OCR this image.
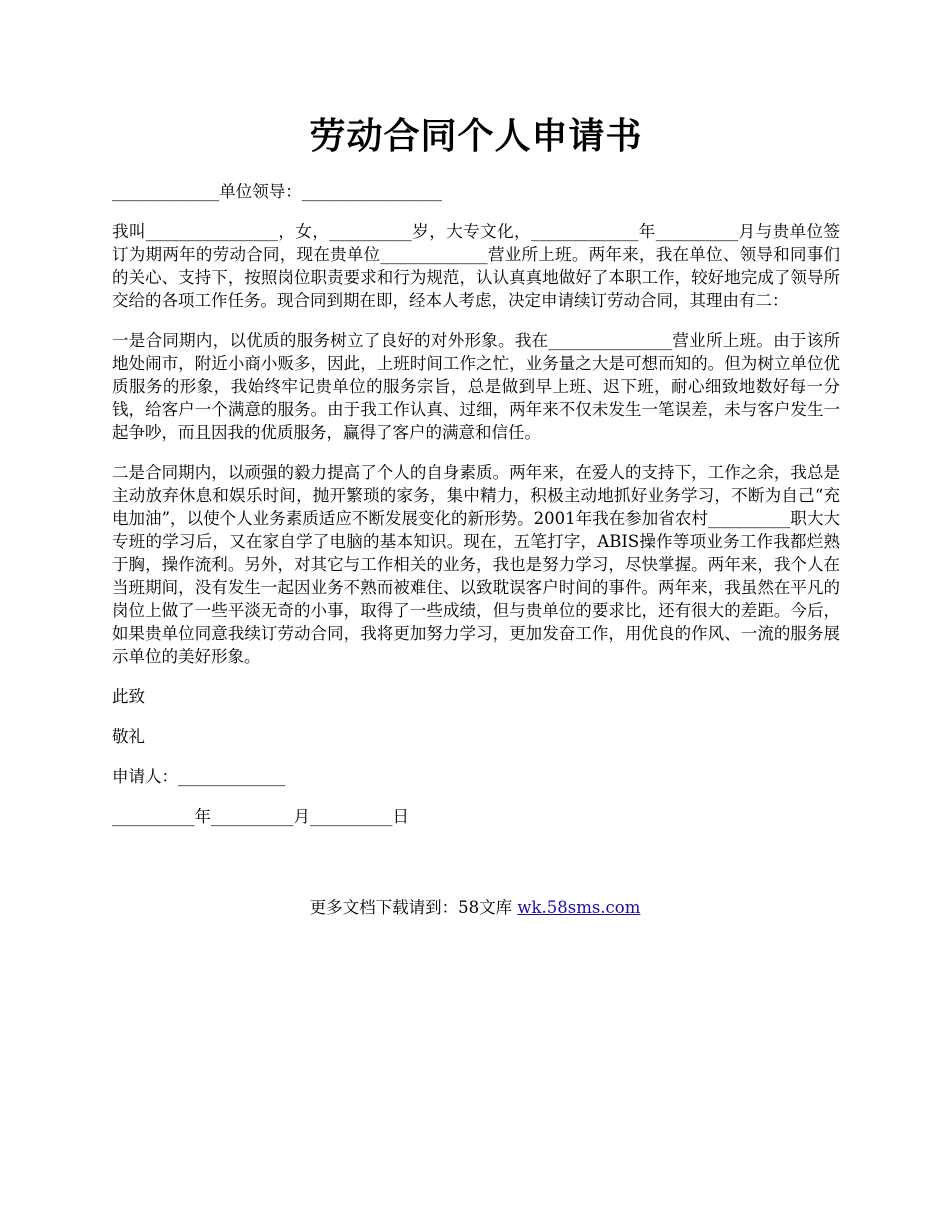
劳动合同个人申请书
_____________单位领导：_________________

我叫________________，女，__________岁，大专文化，_____________年__________月与贵单位签订为期两年的劳动合同，现在贵单位_____________营业所上班。两年来，我在单位、领导和同事们的关心、支持下，按照岗位职责要求和行为规范，认认真真地做好了本职工作，较好地完成了领导所交给的各项工作任务。现合同到期在即，经本人考虑，决定申请续订劳动合同，其理由有二：

一是合同期内，以优质的服务树立了良好的对外形象。我在_______________营业所上班。由于该所地处闹市，附近小商小贩多，因此，上班时间工作之忙，业务量之大是可想而知的。但为树立单位优质服务的形象，我始终牢记贵单位的服务宗旨，总是做到早上班、迟下班，耐心细致地数好每一分钱，给客户一个满意的服务。由于我工作认真、过细，两年来不仅未发生一笔误差，未与客户发生一起争吵，而且因我的优质服务，赢得了客户的满意和信任。

二是合同期内，以顽强的毅力提高了个人的自身素质。两年来，在爱人的支持下，工作之余，我总是主动放弃休息和娱乐时间，抛开繁琐的家务，集中精力，积极主动地抓好业务学习，不断为自己“充电加油”，以使个人业务素质适应不断发展变化的新形势。2001年我在参加省农村__________职大大专班的学习后，又在家自学了电脑的基本知识。现在，五笔打字，ABIS操作等项业务工作我都烂熟于胸，操作流利。另外，对其它与工作相关的业务，我也是努力学习，尽快掌握。两年来，我个人在当班期间，没有发生一起因业务不熟而被难住、以致耽误客户时间的事件。两年来，我虽然在平凡的岗位上做了一些平淡无奇的小事，取得了一些成绩，但与贵单位的要求比，还有很大的差距。今后，如果贵单位同意我续订劳动合同，我将更加努力学习，更加发奋工作，用优良的作风、一流的服务展示单位的美好形象。

此致
敬礼
申请人：_____________
__________年__________月__________日
更多文档下载请到：58文库 wk.58sms.com
